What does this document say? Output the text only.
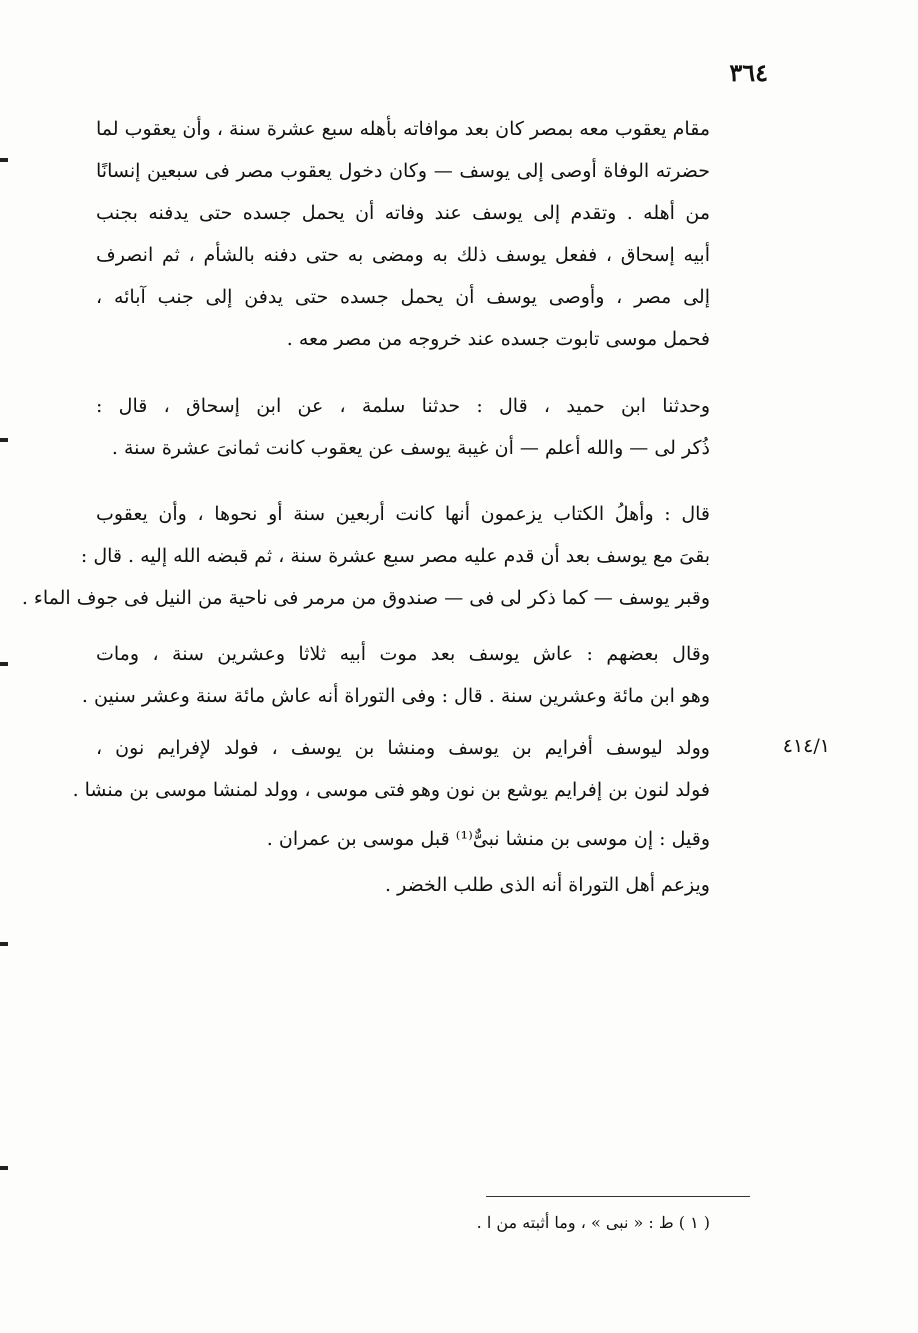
٣٦٤
مقام يعقوب معه بمصر كان بعد موافاته بأهله سبع عشرة سنة ، وأن يعقوب لما
حضرته الوفاة أوصى إلى يوسف — وكان دخول يعقوب مصر فى سبعين إنسانًا
من أهله . وتقدم إلى يوسف عند وفاته أن يحمل جسده حتى يدفنه بجنب
أبيه إسحاق ، ففعل يوسف ذلك به ومضى به حتى دفنه بالشأم ، ثم انصرف
إلى مصر ، وأوصى يوسف أن يحمل جسده حتى يدفن إلى جنب آبائه ،
فحمل موسى تابوت جسده عند خروجه من مصر معه .
وحدثنا ابن حميد ، قال : حدثنا سلمة ، عن ابن إسحاق ، قال :
ذُكر لى — والله أعلم — أن غيبة يوسف عن يعقوب كانت ثمانىَ عشرة سنة .
قال : وأهلُ الكتاب يزعمون أنها كانت أربعين سنة أو نحوها ، وأن يعقوب
بقىَ مع يوسف بعد أن قدم عليه مصر سبع عشرة سنة ، ثم قبضه الله إليه . قال :
وقبر يوسف — كما ذكر لى فى — صندوق من مرمر فى ناحية من النيل فى جوف الماء .
وقال بعضهم : عاش يوسف بعد موت أبيه ثلاثا وعشرين سنة ، ومات
وهو ابن مائة وعشرين سنة . قال : وفى التوراة أنه عاش مائة سنة وعشر سنين .
وولد ليوسف أفرايم بن يوسف ومنشا بن يوسف ، فولد لإفرايم نون ،
فولد لنون بن إفرايم يوشع بن نون وهو فتى موسى ، وولد لمنشا موسى بن منشا .
٤١٤/١
وقيل : إن موسى بن منشا نبىٌّ⁽¹⁾ قبل موسى بن عمران .
ويزعم أهل التوراة أنه الذى طلب الخضر .
( ١ ) ط : « نبى » ، وما أثبته من ا .
